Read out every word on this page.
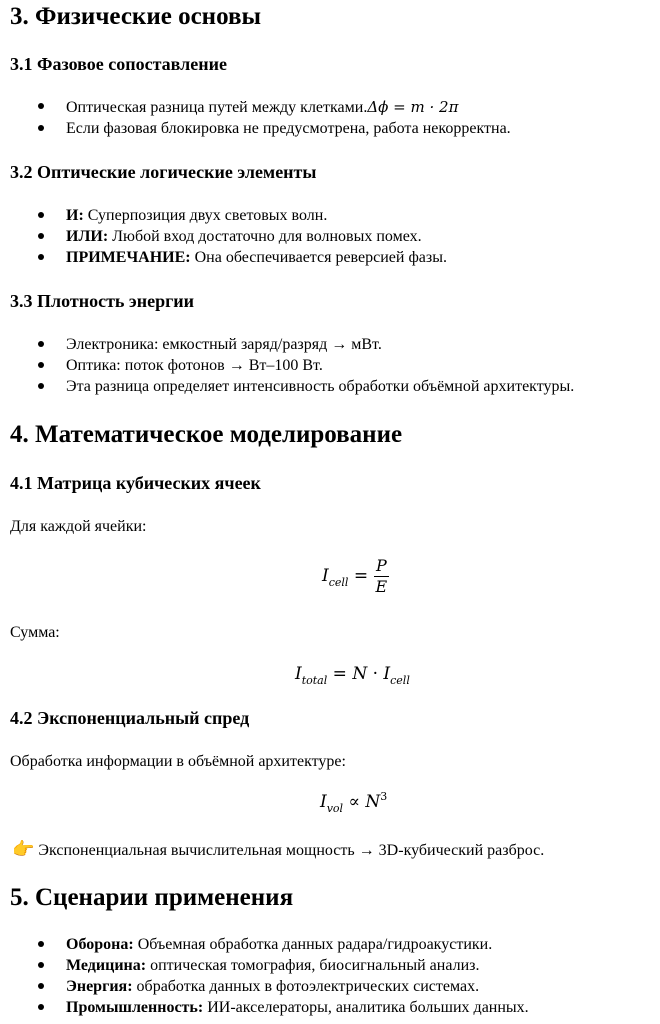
3. Физические основы
3.1 Фазовое сопоставление
Оптическая разница путей между клетками.Δϕ = m · 2π
Если фазовая блокировка не предусмотрена, работа некорректна.
3.2 Оптические логические элементы
И: Суперпозиция двух световых волн.
ИЛИ: Любой вход достаточно для волновых помех.
ПРИМЕЧАНИЕ: Она обеспечивается реверсией фазы.
3.3 Плотность энергии
Электроника: емкостный заряд/разряд → мВт.
Оптика: поток фотонов → Вт–100 Вт.
Эта разница определяет интенсивность обработки объёмной архитектуры.
4. Математическое моделирование
4.1 Матрица кубических ячеек
Для каждой ячейки:
$I_{cell} = \frac{P}{E}$
Сумма:
$I_{total} = N \cdot I_{cell}$
4.2 Экспоненциальный спред
Обработка информации в объёмной архитектуре:
$I_{vol} \propto N^3$
👉 Экспоненциальная вычислительная мощность → 3D-кубический разброс.
5. Сценарии применения
Оборона: Объемная обработка данных радара/гидроакустики.
Медицина: оптическая томография, биосигнальный анализ.
Энергия: обработка данных в фотоэлектрических системах.
Промышленность: ИИ-акселераторы, аналитика больших данных.
